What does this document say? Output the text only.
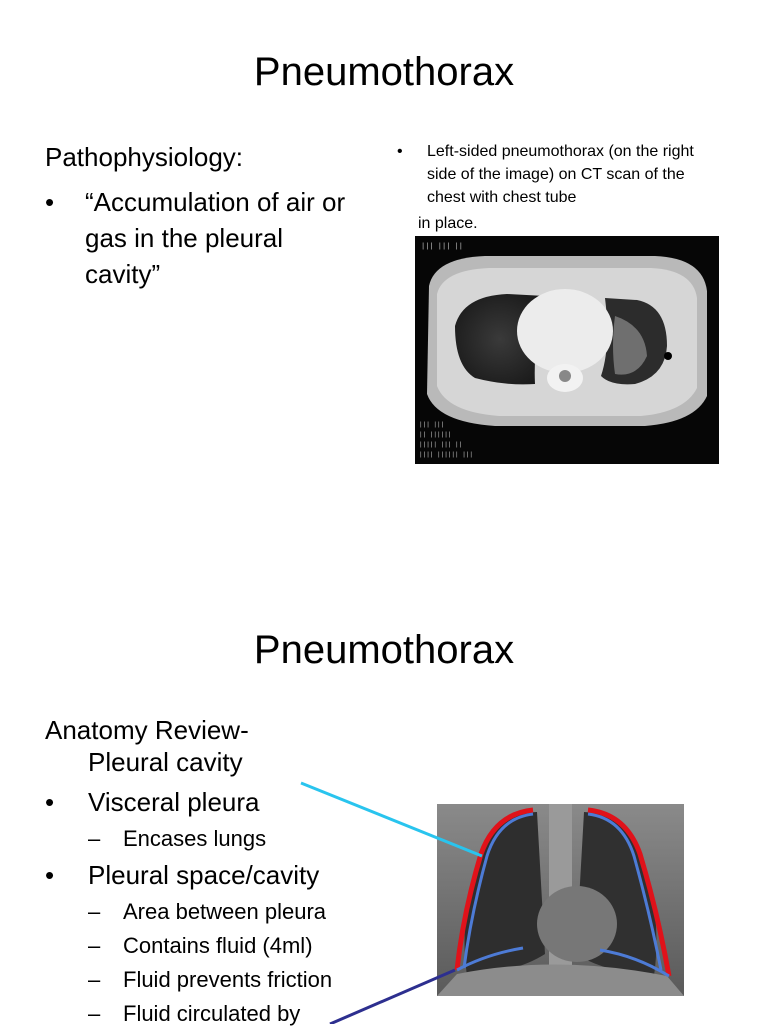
Pneumothorax
Pathophysiology:
• “Accumulation of air or gas in the pleural cavity”
• Left-sided pneumothorax (on the right side of the image) on CT scan of the chest with chest tube
in place.
||| ||| ||
||| |||
|| ||||||
||||| ||| ||
|||| |||||| |||
Pneumothorax
Anatomy Review-
Pleural cavity
• Visceral pleura
– Encases lungs
• Pleural space/cavity
– Area between pleura
– Contains fluid (4ml)
– Fluid prevents friction
– Fluid circulated by
